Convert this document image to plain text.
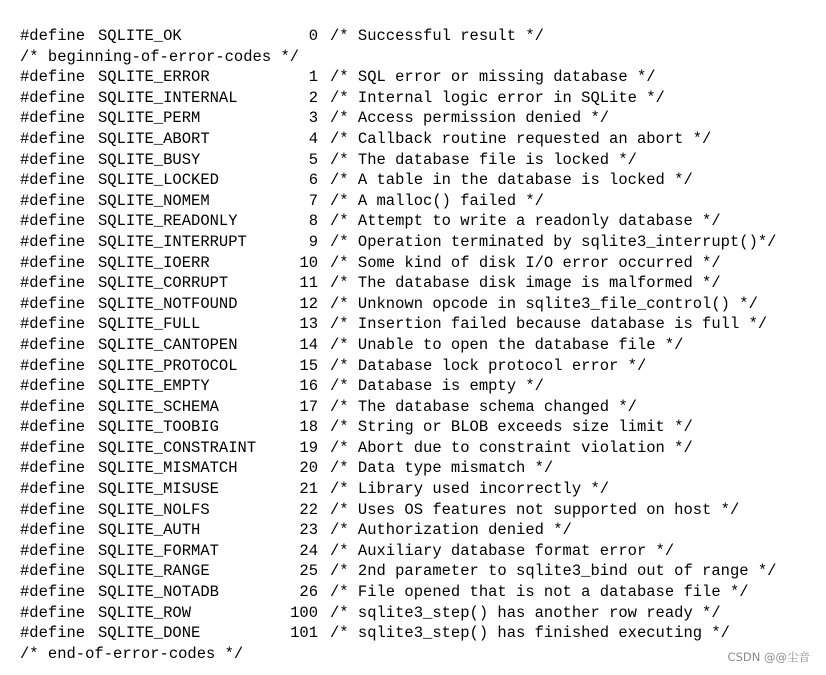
#define SQLITE_OK	0 /* Successful result */
/* beginning-of-error-codes */
#define SQLITE_ERROR	1 /* SQL error or missing database */
#define SQLITE_INTERNAL	2 /* Internal logic error in SQLite */
#define SQLITE_PERM	3 /* Access permission denied */
#define SQLITE_ABORT	4 /* Callback routine requested an abort */
#define SQLITE_BUSY	5 /* The database file is locked */
#define SQLITE_LOCKED	6 /* A table in the database is locked */
#define SQLITE_NOMEM	7 /* A malloc() failed */
#define SQLITE_READONLY	8 /* Attempt to write a readonly database */
#define SQLITE_INTERRUPT	9 /* Operation terminated by sqlite3_interrupt()*/
#define SQLITE_IOERR	10 /* Some kind of disk I/O error occurred */
#define SQLITE_CORRUPT	11 /* The database disk image is malformed */
#define SQLITE_NOTFOUND	12 /* Unknown opcode in sqlite3_file_control() */
#define SQLITE_FULL	13 /* Insertion failed because database is full */
#define SQLITE_CANTOPEN	14 /* Unable to open the database file */
#define SQLITE_PROTOCOL	15 /* Database lock protocol error */
#define SQLITE_EMPTY	16 /* Database is empty */
#define SQLITE_SCHEMA	17 /* The database schema changed */
#define SQLITE_TOOBIG	18 /* String or BLOB exceeds size limit */
#define SQLITE_CONSTRAINT	19 /* Abort due to constraint violation */
#define SQLITE_MISMATCH	20 /* Data type mismatch */
#define SQLITE_MISUSE	21 /* Library used incorrectly */
#define SQLITE_NOLFS	22 /* Uses OS features not supported on host */
#define SQLITE_AUTH	23 /* Authorization denied */
#define SQLITE_FORMAT	24 /* Auxiliary database format error */
#define SQLITE_RANGE	25 /* 2nd parameter to sqlite3_bind out of range */
#define SQLITE_NOTADB	26 /* File opened that is not a database file */
#define SQLITE_ROW	100 /* sqlite3_step() has another row ready */
#define SQLITE_DONE	101 /* sqlite3_step() has finished executing */
/* end-of-error-codes */	CSDN @@尘音
